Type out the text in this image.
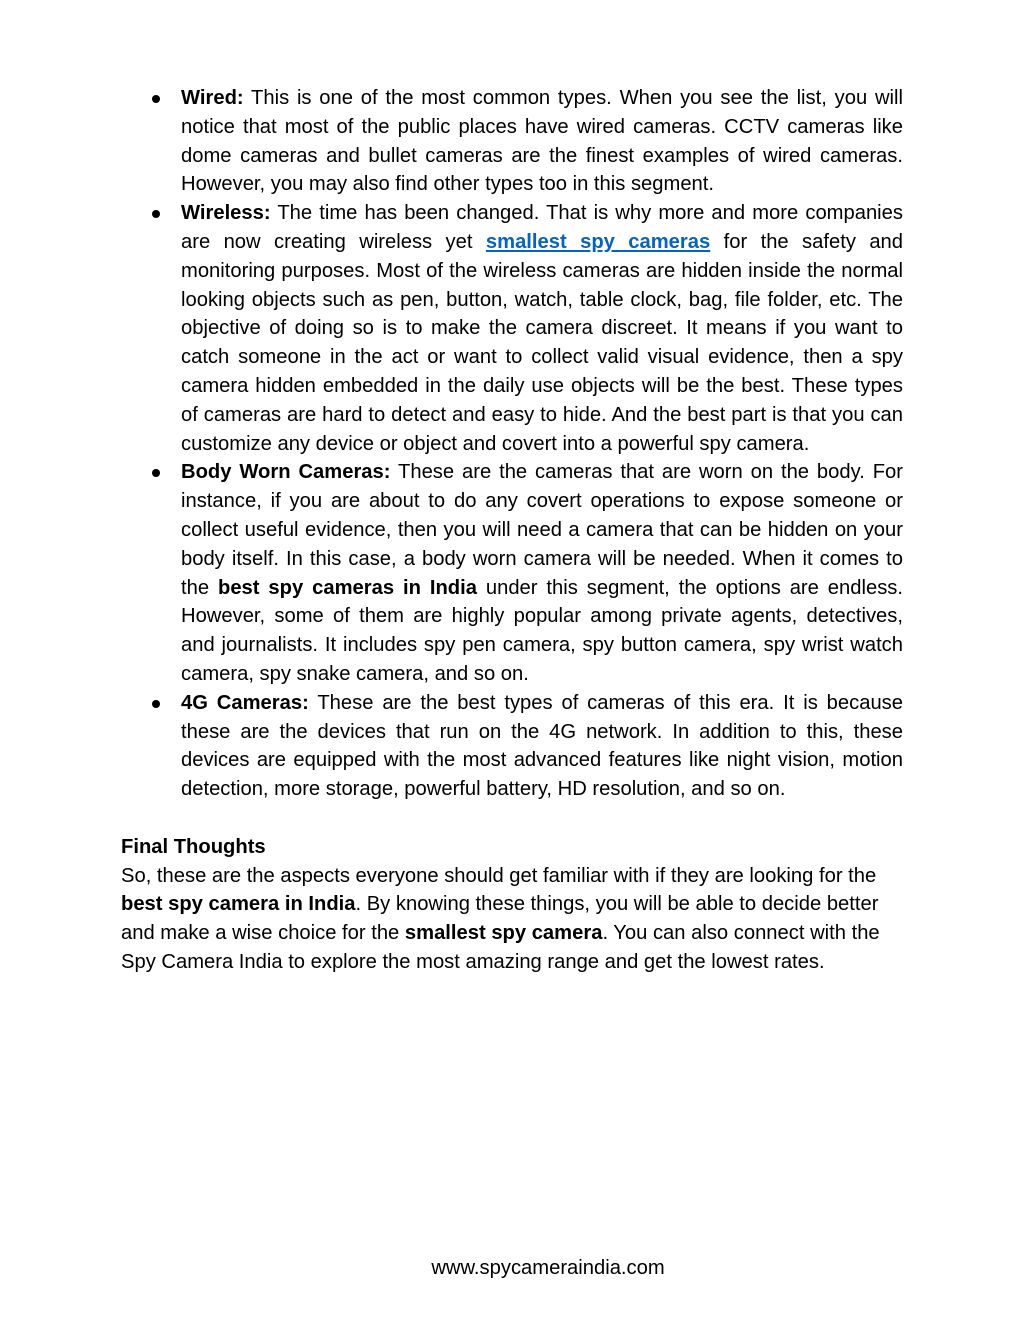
Wired: This is one of the most common types. When you see the list, you will notice that most of the public places have wired cameras. CCTV cameras like dome cameras and bullet cameras are the finest examples of wired cameras. However, you may also find other types too in this segment.
Wireless: The time has been changed. That is why more and more companies are now creating wireless yet smallest spy cameras for the safety and monitoring purposes. Most of the wireless cameras are hidden inside the normal looking objects such as pen, button, watch, table clock, bag, file folder, etc. The objective of doing so is to make the camera discreet. It means if you want to catch someone in the act or want to collect valid visual evidence, then a spy camera hidden embedded in the daily use objects will be the best. These types of cameras are hard to detect and easy to hide. And the best part is that you can customize any device or object and covert into a powerful spy camera.
Body Worn Cameras: These are the cameras that are worn on the body. For instance, if you are about to do any covert operations to expose someone or collect useful evidence, then you will need a camera that can be hidden on your body itself. In this case, a body worn camera will be needed. When it comes to the best spy cameras in India under this segment, the options are endless. However, some of them are highly popular among private agents, detectives, and journalists. It includes spy pen camera, spy button camera, spy wrist watch camera, spy snake camera, and so on.
4G Cameras: These are the best types of cameras of this era. It is because these are the devices that run on the 4G network. In addition to this, these devices are equipped with the most advanced features like night vision, motion detection, more storage, powerful battery, HD resolution, and so on.

Final Thoughts

So, these are the aspects everyone should get familiar with if they are looking for the best spy camera in India. By knowing these things, you will be able to decide better and make a wise choice for the smallest spy camera. You can also connect with the Spy Camera India to explore the most amazing range and get the lowest rates.

www.spycameraindia.com
